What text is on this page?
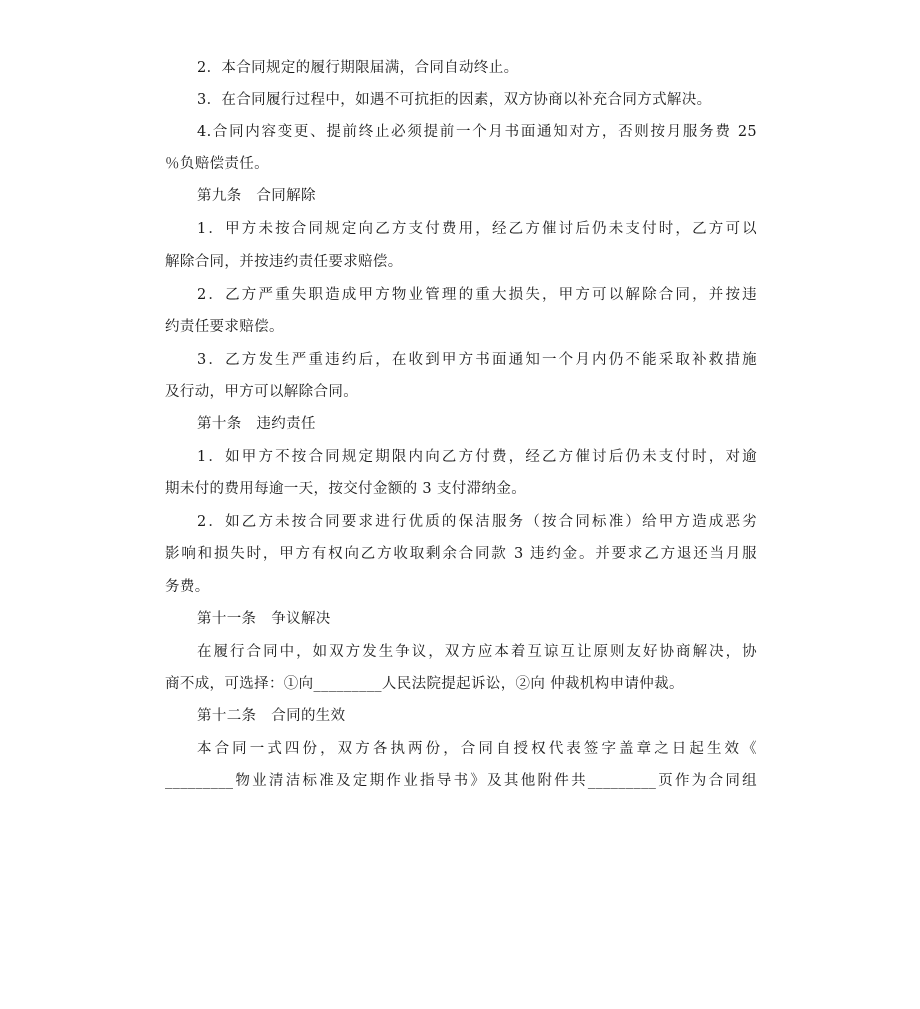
2．本合同规定的履行期限届满，合同自动终止。
3．在合同履行过程中，如遇不可抗拒的因素，双方协商以补充合同方式解决。
4.合同内容变更、提前终止必须提前一个月书面通知对方，否则按月服务费 25
％负赔偿责任。
第九条　合同解除
1．甲方未按合同规定向乙方支付费用，经乙方催讨后仍未支付时，乙方可以
解除合同，并按违约责任要求赔偿。
2．乙方严重失职造成甲方物业管理的重大损失，甲方可以解除合同，并按违
约责任要求赔偿。
3．乙方发生严重违约后，在收到甲方书面通知一个月内仍不能采取补救措施
及行动，甲方可以解除合同。
第十条　违约责任
1．如甲方不按合同规定期限内向乙方付费，经乙方催讨后仍未支付时，对逾
期未付的费用每逾一天，按交付金额的 3 支付滞纳金。
2．如乙方未按合同要求进行优质的保洁服务（按合同标准）给甲方造成恶劣
影响和损失时，甲方有权向乙方收取剩余合同款 3 违约金。并要求乙方退还当月服
务费。
第十一条　争议解决
在履行合同中，如双方发生争议，双方应本着互谅互让原则友好协商解决，协
商不成，可选择：①向_________人民法院提起诉讼，②向 仲裁机构申请仲裁。
第十二条　合同的生效
本合同一式四份，双方各执两份，合同自授权代表签字盖章之日起生效《
_________物业清洁标准及定期作业指导书》及其他附件共_________页作为合同组
